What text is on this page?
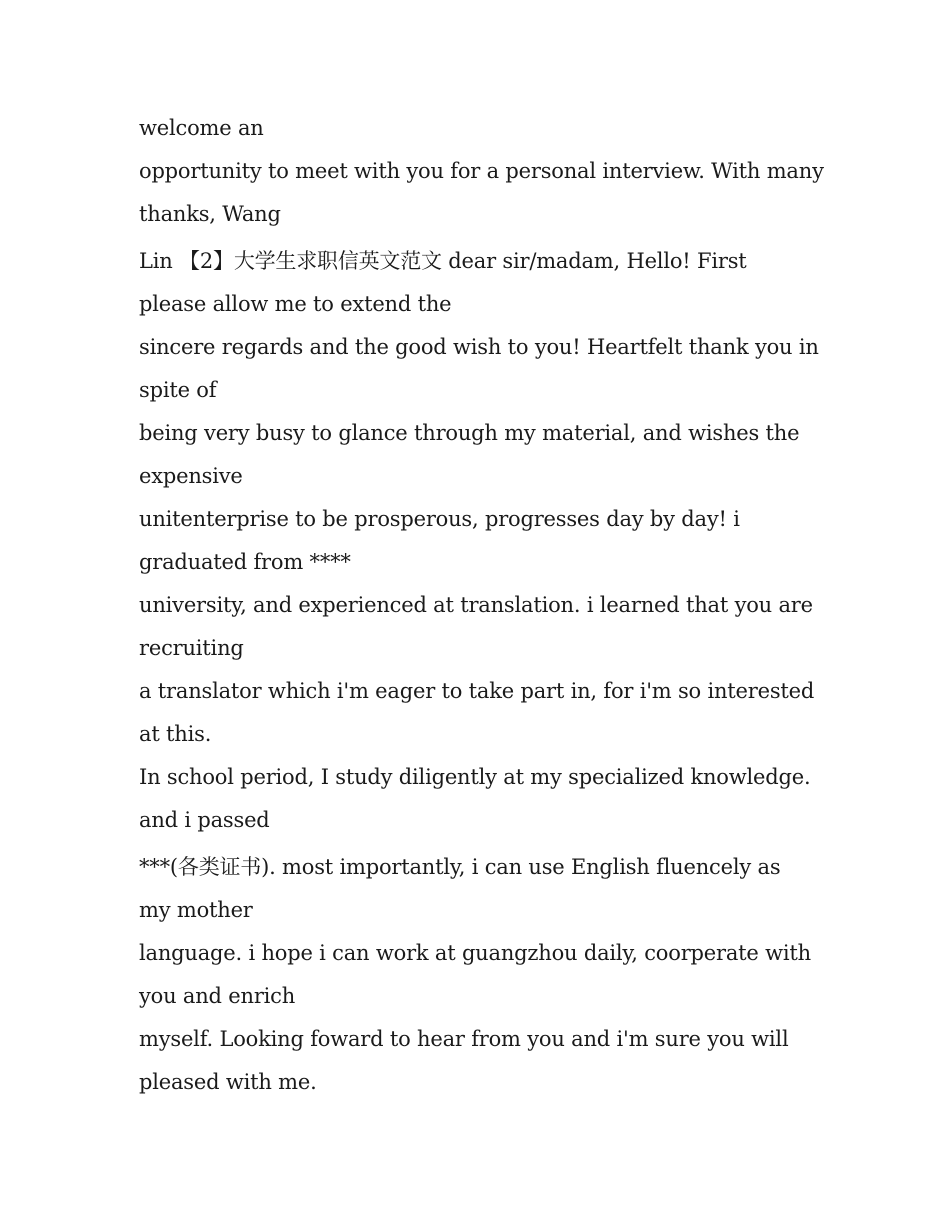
welcome an
opportunity to meet with you for a personal interview. With many
thanks, Wang
Lin 【2】大学生求职信英文范文 dear sir/madam, Hello! First
please allow me to extend the
sincere regards and the good wish to you! Heartfelt thank you in
spite of
being very busy to glance through my material, and wishes the
expensive
unitenterprise to be prosperous, progresses day by day! i
graduated from ****
university, and experienced at translation. i learned that you are
recruiting
a translator which i'm eager to take part in, for i'm so interested
at this.
In school period, I study diligently at my specialized knowledge.
and i passed
***(各类证书). most importantly, i can use English fluencely as
my mother
language. i hope i can work at guangzhou daily, coorperate with
you and enrich
myself. Looking foward to hear from you and i'm sure you will
pleased with me.
